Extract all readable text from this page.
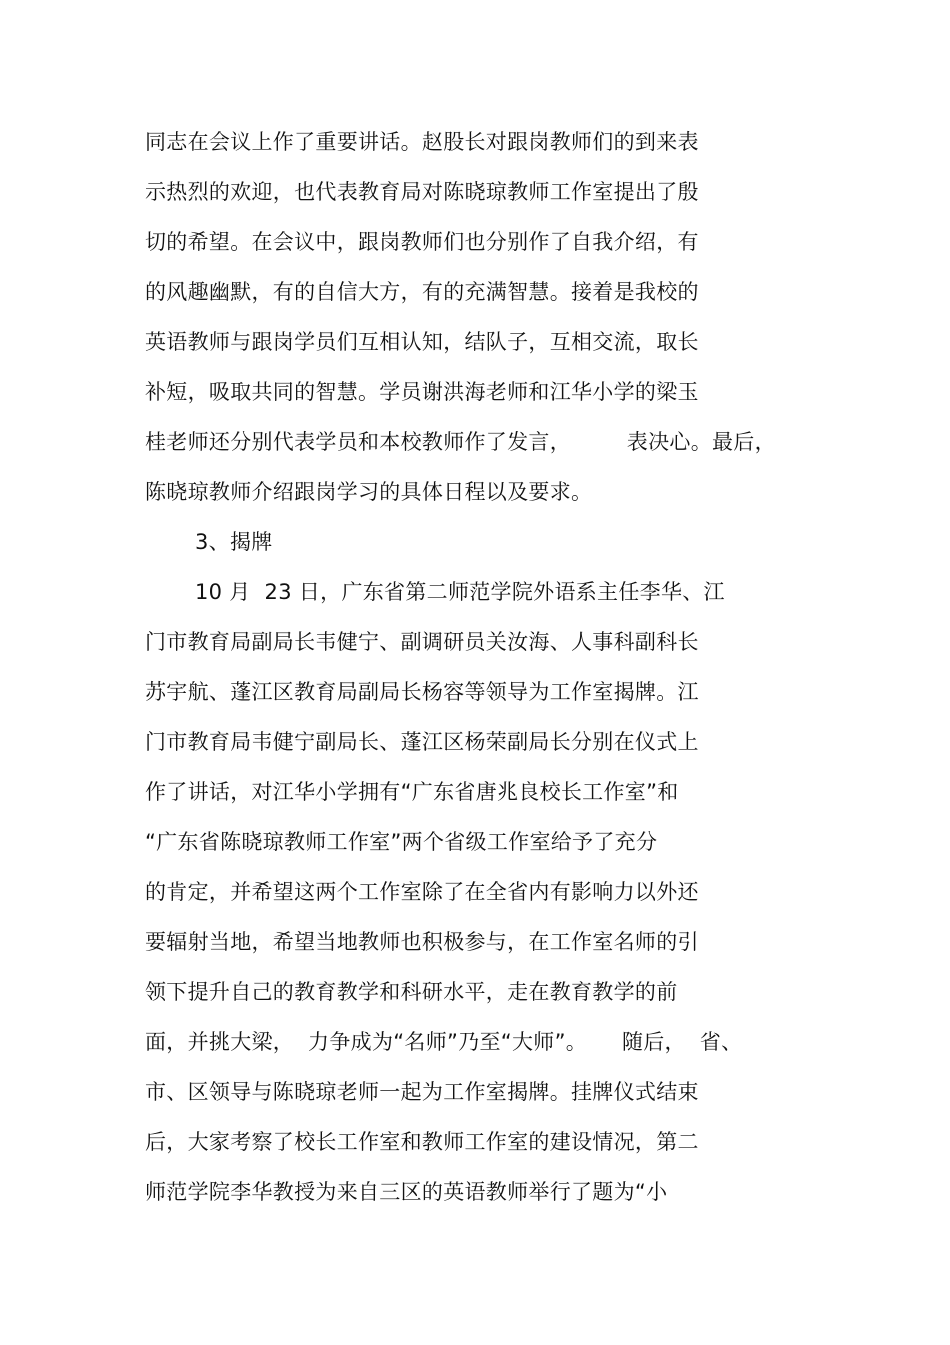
同志在会议上作了重要讲话。赵股长对跟岗教师们的到来表
示热烈的欢迎，也代表教育局对陈晓琼教师工作室提出了殷
切的希望。在会议中，跟岗教师们也分别作了自我介绍，有
的风趣幽默，有的自信大方，有的充满智慧。接着是我校的
英语教师与跟岗学员们互相认知，结队子，互相交流，取长
补短，吸取共同的智慧。学员谢洪海老师和江华小学的梁玉
桂老师还分别代表学员和本校教师作了发言，        表决心。最后，
陈晓琼教师介绍跟岗学习的具体日程以及要求。
3、揭牌
10 月  23 日，广东省第二师范学院外语系主任李华、江
门市教育局副局长韦健宁、副调研员关汝海、人事科副科长
苏宇航、蓬江区教育局副局长杨容等领导为工作室揭牌。江
门市教育局韦健宁副局长、蓬江区杨荣副局长分别在仪式上
作了讲话，对江华小学拥有“广东省唐兆良校长工作室”和
“广东省陈晓琼教师工作室”两个省级工作室给予了充分
的肯定，并希望这两个工作室除了在全省内有影响力以外还
要辐射当地，希望当地教师也积极参与，在工作室名师的引
领下提升自己的教育教学和科研水平，走在教育教学的前
面，并挑大梁，  力争成为“名师”乃至“大师”。     随后，  省、
市、区领导与陈晓琼老师一起为工作室揭牌。挂牌仪式结束
后，大家考察了校长工作室和教师工作室的建设情况，第二
师范学院李华教授为来自三区的英语教师举行了题为“小
